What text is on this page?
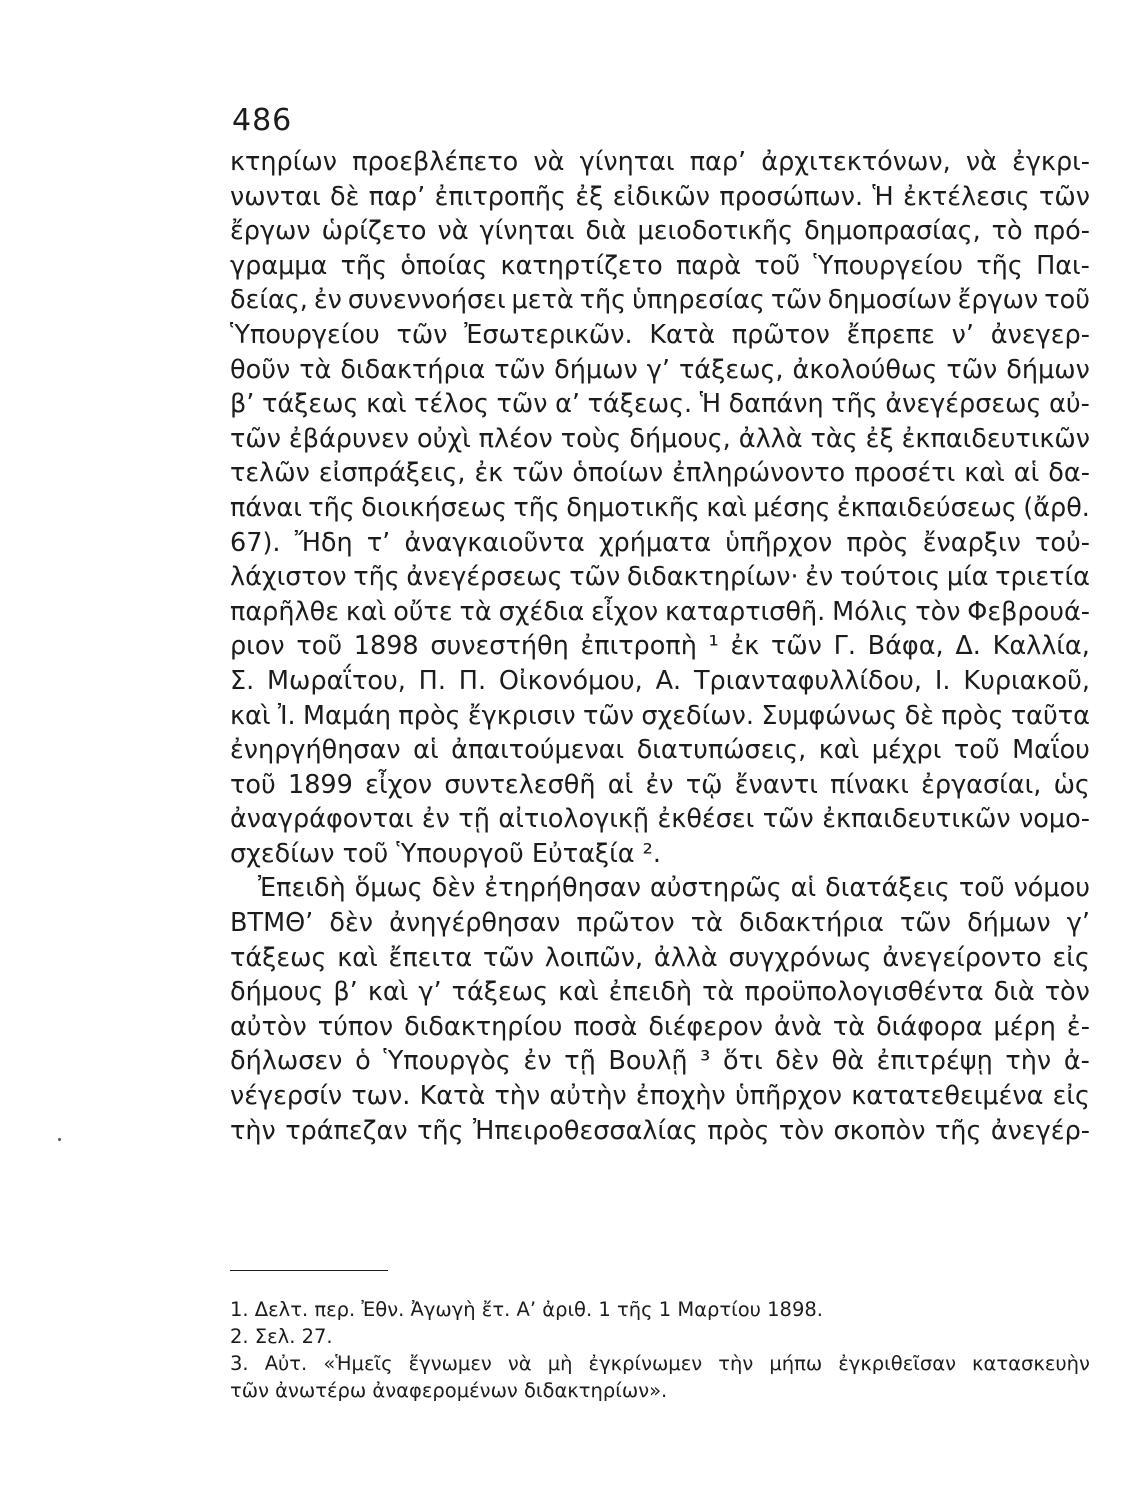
486
κτηρίων προεβλέπετο νὰ γίνηται παρ’ ἀρχιτεκτόνων, νὰ ἐγκρι-
νωνται δὲ παρ’ ἐπιτροπῆς ἐξ εἰδικῶν προσώπων. Ἡ ἐκτέλεσις τῶν
ἔργων ὡρίζετο νὰ γίνηται διὰ μειοδοτικῆς δημοπρασίας, τὸ πρό-
γραμμα τῆς ὁποίας κατηρτίζετο παρὰ τοῦ Ὑπουργείου τῆς Παι-
δείας, ἐν συνεννοήσει μετὰ τῆς ὑπηρεσίας τῶν δημοσίων ἔργων τοῦ
Ὑπουργείου τῶν Ἐσωτερικῶν. Κατὰ πρῶτον ἔπρεπε ν’ ἀνεγερ-
θοῦν τὰ διδακτήρια τῶν δήμων γ’ τάξεως, ἀκολούθως τῶν δήμων
β’ τάξεως καὶ τέλος τῶν α’ τάξεως. Ἡ δαπάνη τῆς ἀνεγέρσεως αὐ-
τῶν ἐβάρυνεν οὐχὶ πλέον τοὺς δήμους, ἀλλὰ τὰς ἐξ ἐκπαιδευτικῶν
τελῶν εἰσπράξεις, ἐκ τῶν ὁποίων ἐπληρώνοντο προσέτι καὶ αἱ δα-
πάναι τῆς διοικήσεως τῆς δημοτικῆς καὶ μέσης ἐκπαιδεύσεως (ἄρθ.
67). Ἤδη τ’ ἀναγκαιοῦντα χρήματα ὑπῆρχον πρὸς ἔναρξιν τοὐ-
λάχιστον τῆς ἀνεγέρσεως τῶν διδακτηρίων· ἐν τούτοις μία τριετία
παρῆλθε καὶ οὔτε τὰ σχέδια εἶχον καταρτισθῆ. Μόλις τὸν Φεβρουά-
ριον τοῦ 1898 συνεστήθη ἐπιτροπὴ ¹ ἐκ τῶν Γ. Βάφα, Δ. Καλλία,
Σ. Μωραΐτου, Π. Π. Οἰκονόμου, Α. Τριανταφυλλίδου, Ι. Κυριακοῦ,
καὶ Ἰ. Μαμάη πρὸς ἔγκρισιν τῶν σχεδίων. Συμφώνως δὲ πρὸς ταῦτα
ἐνηργήθησαν αἱ ἀπαιτούμεναι διατυπώσεις, καὶ μέχρι τοῦ Μαΐου
τοῦ 1899 εἶχον συντελεσθῆ αἱ ἐν τῷ ἔναντι πίνακι ἐργασίαι, ὡς
ἀναγράφονται ἐν τῇ αἰτιολογικῇ ἐκθέσει τῶν ἐκπαιδευτικῶν νομο-
σχεδίων τοῦ Ὑπουργοῦ Εὐταξία ².
Ἐπειδὴ ὅμως δὲν ἐτηρήθησαν αὐστηρῶς αἱ διατάξεις τοῦ νόμου
ΒΤΜΘ’ δὲν ἀνηγέρθησαν πρῶτον τὰ διδακτήρια τῶν δήμων γ’
τάξεως καὶ ἔπειτα τῶν λοιπῶν, ἀλλὰ συγχρόνως ἀνεγείροντο εἰς
δήμους β’ καὶ γ’ τάξεως καὶ ἐπειδὴ τὰ προϋπολογισθέντα διὰ τὸν
αὐτὸν τύπον διδακτηρίου ποσὰ διέφερον ἀνὰ τὰ διάφορα μέρη ἐ-
δήλωσεν ὁ Ὑπουργὸς ἐν τῇ Βουλῇ ³ ὅτι δὲν θὰ ἐπιτρέψῃ τὴν ἀ-
νέγερσίν των. Κατὰ τὴν αὐτὴν ἐποχὴν ὑπῆρχον κατατεθειμένα εἰς
τὴν τράπεζαν τῆς Ἠπειροθεσσαλίας πρὸς τὸν σκοπὸν τῆς ἀνεγέρ-
1. Δελτ. περ. Ἐθν. Ἀγωγὴ ἔτ. Α’ ἀριθ. 1 τῆς 1 Μαρτίου 1898.
2. Σελ. 27.
3. Αὐτ. «Ἡμεῖς ἔγνωμεν νὰ μὴ ἐγκρίνωμεν τὴν μήπω ἐγκριθεῖσαν κατασκευὴν
τῶν ἀνωτέρω ἀναφερομένων διδακτηρίων».
